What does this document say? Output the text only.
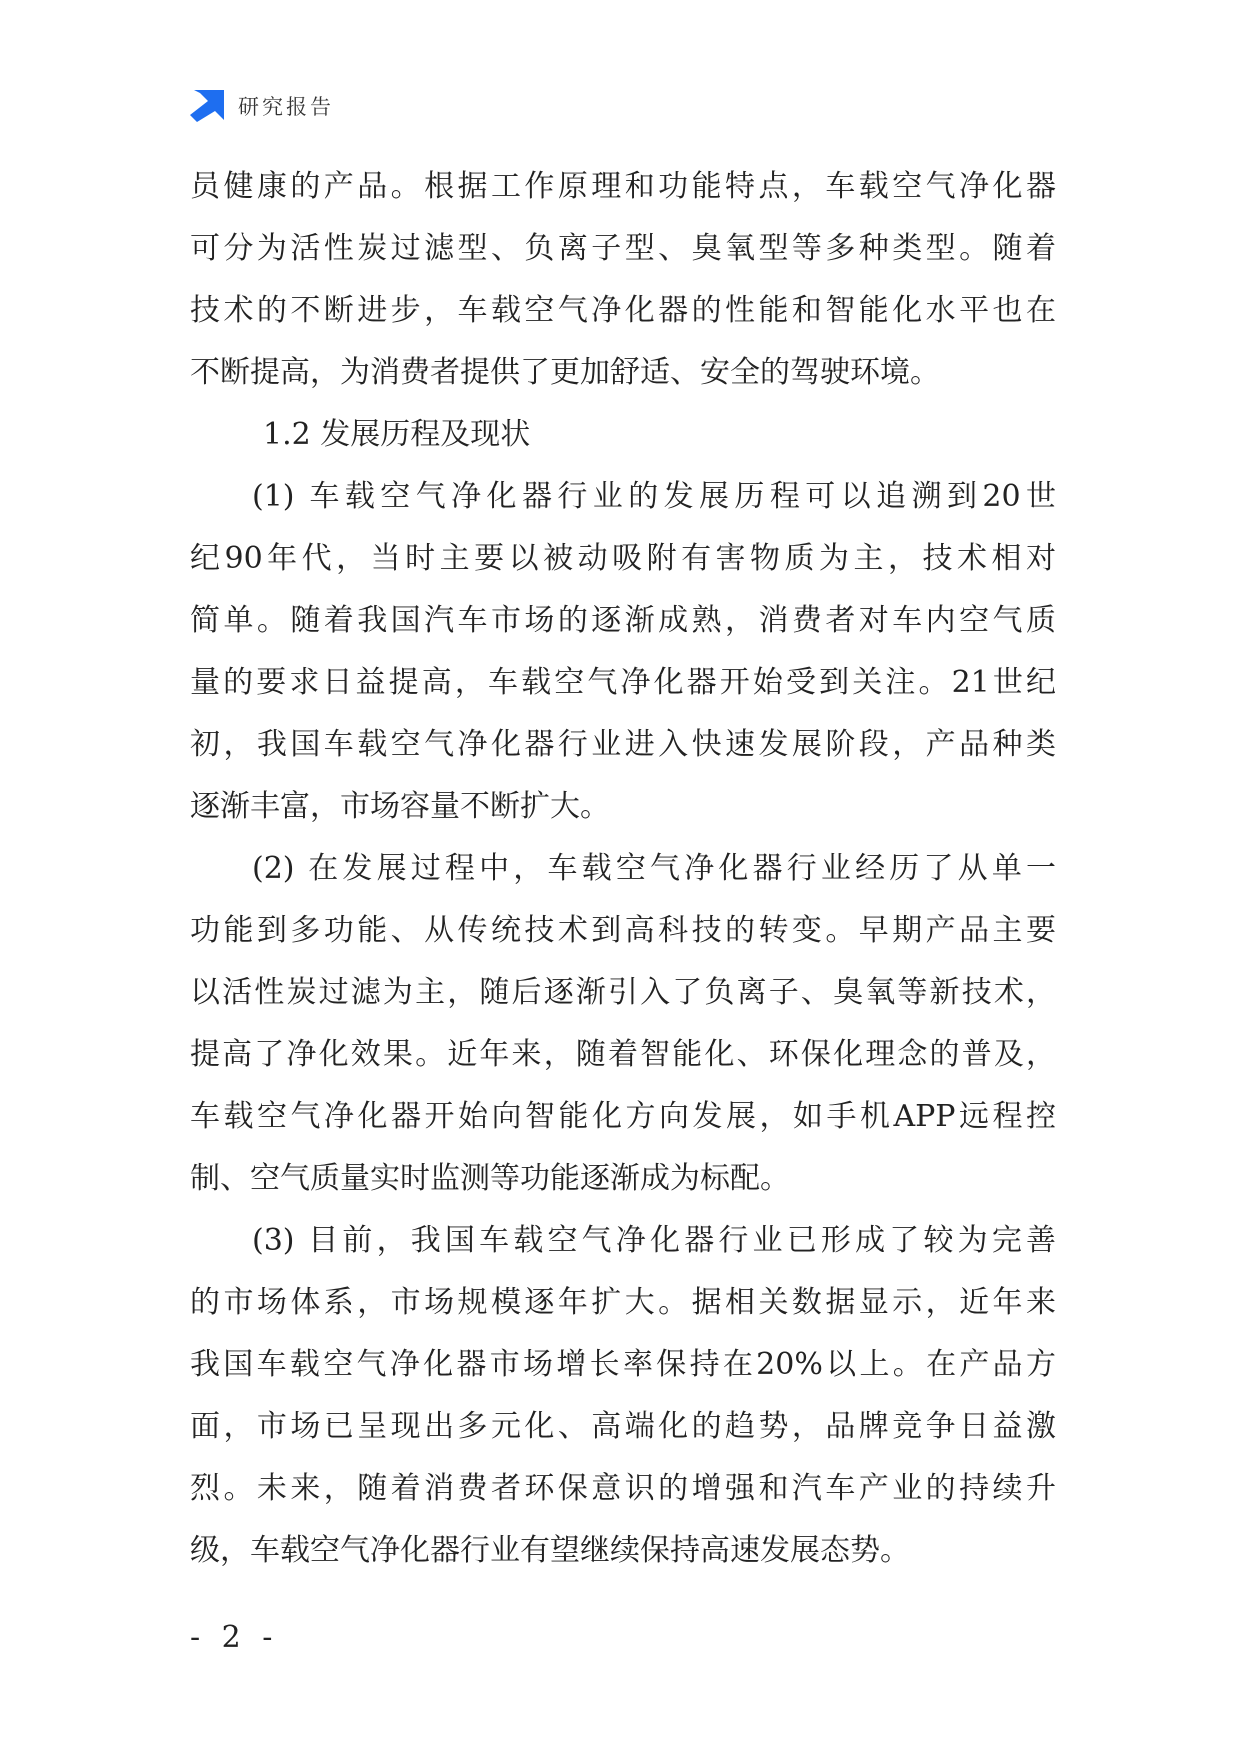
研究报告
员健康的产品。根据工作原理和功能特点，车载空气净化器
可分为活性炭过滤型、负离子型、臭氧型等多种类型。随着
技术的不断进步，车载空气净化器的性能和智能化水平也在
不断提高，为消费者提供了更加舒适、安全的驾驶环境。
1.2 发展历程及现状
(1) 车载空气净化器行业的发展历程可以追溯到20世
纪90年代，当时主要以被动吸附有害物质为主，技术相对
简单。随着我国汽车市场的逐渐成熟，消费者对车内空气质
量的要求日益提高，车载空气净化器开始受到关注。21世纪
初，我国车载空气净化器行业进入快速发展阶段，产品种类
逐渐丰富，市场容量不断扩大。
(2) 在发展过程中，车载空气净化器行业经历了从单一
功能到多功能、从传统技术到高科技的转变。早期产品主要
以活性炭过滤为主，随后逐渐引入了负离子、臭氧等新技术，
提高了净化效果。近年来，随着智能化、环保化理念的普及，
车载空气净化器开始向智能化方向发展，如手机APP远程控
制、空气质量实时监测等功能逐渐成为标配。
(3) 目前，我国车载空气净化器行业已形成了较为完善
的市场体系，市场规模逐年扩大。据相关数据显示，近年来
我国车载空气净化器市场增长率保持在20%以上。在产品方
面，市场已呈现出多元化、高端化的趋势，品牌竞争日益激
烈。未来，随着消费者环保意识的增强和汽车产业的持续升
级，车载空气净化器行业有望继续保持高速发展态势。
- 2 -
